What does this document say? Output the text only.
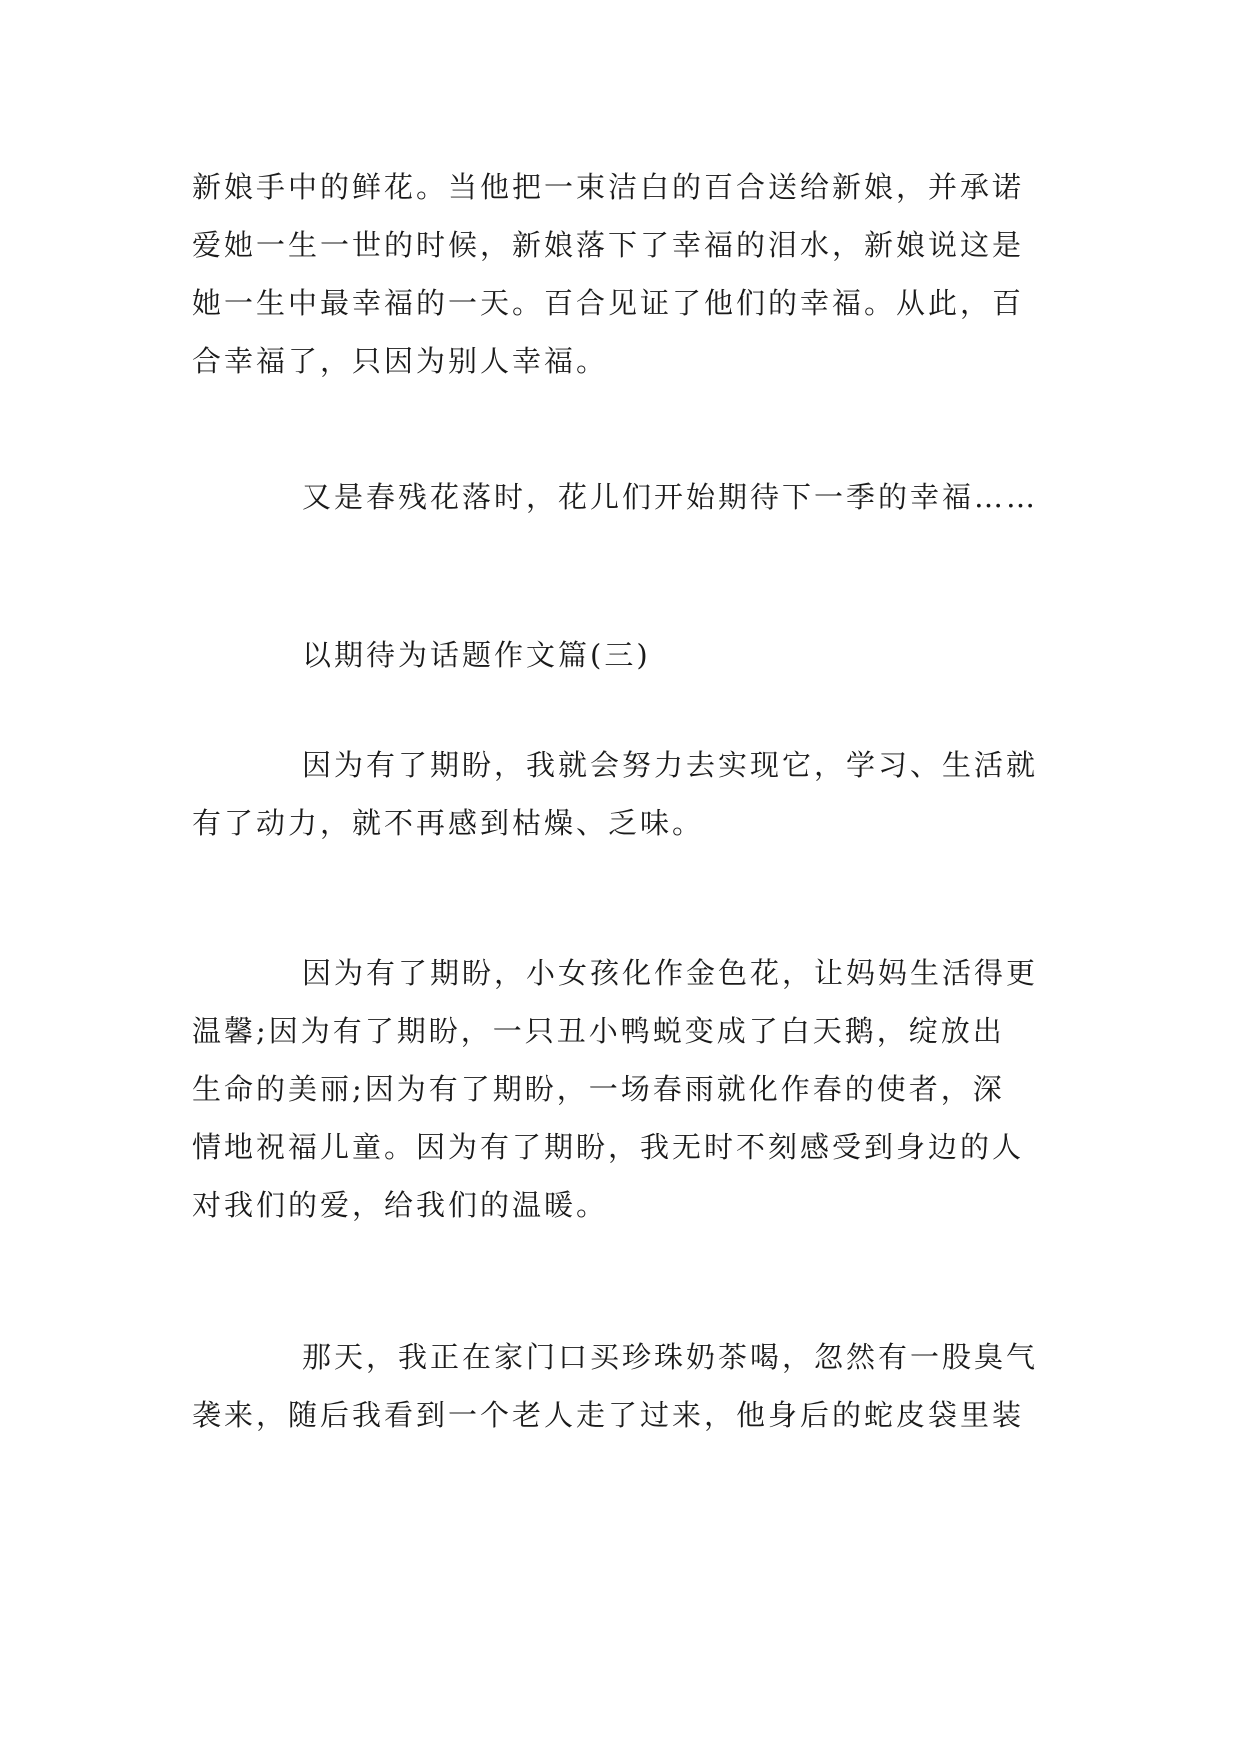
新娘手中的鲜花。当他把一束洁白的百合送给新娘，并承诺
爱她一生一世的时候，新娘落下了幸福的泪水，新娘说这是
她一生中最幸福的一天。百合见证了他们的幸福。从此，百
合幸福了，只因为别人幸福。
又是春残花落时，花儿们开始期待下一季的幸福……
以期待为话题作文篇(三)
因为有了期盼，我就会努力去实现它，学习、生活就
有了动力，就不再感到枯燥、乏味。
因为有了期盼，小女孩化作金色花，让妈妈生活得更
温馨;因为有了期盼，一只丑小鸭蜕变成了白天鹅，绽放出
生命的美丽;因为有了期盼，一场春雨就化作春的使者，深
情地祝福儿童。因为有了期盼，我无时不刻感受到身边的人
对我们的爱，给我们的温暖。
那天，我正在家门口买珍珠奶茶喝，忽然有一股臭气
袭来，随后我看到一个老人走了过来，他身后的蛇皮袋里装
